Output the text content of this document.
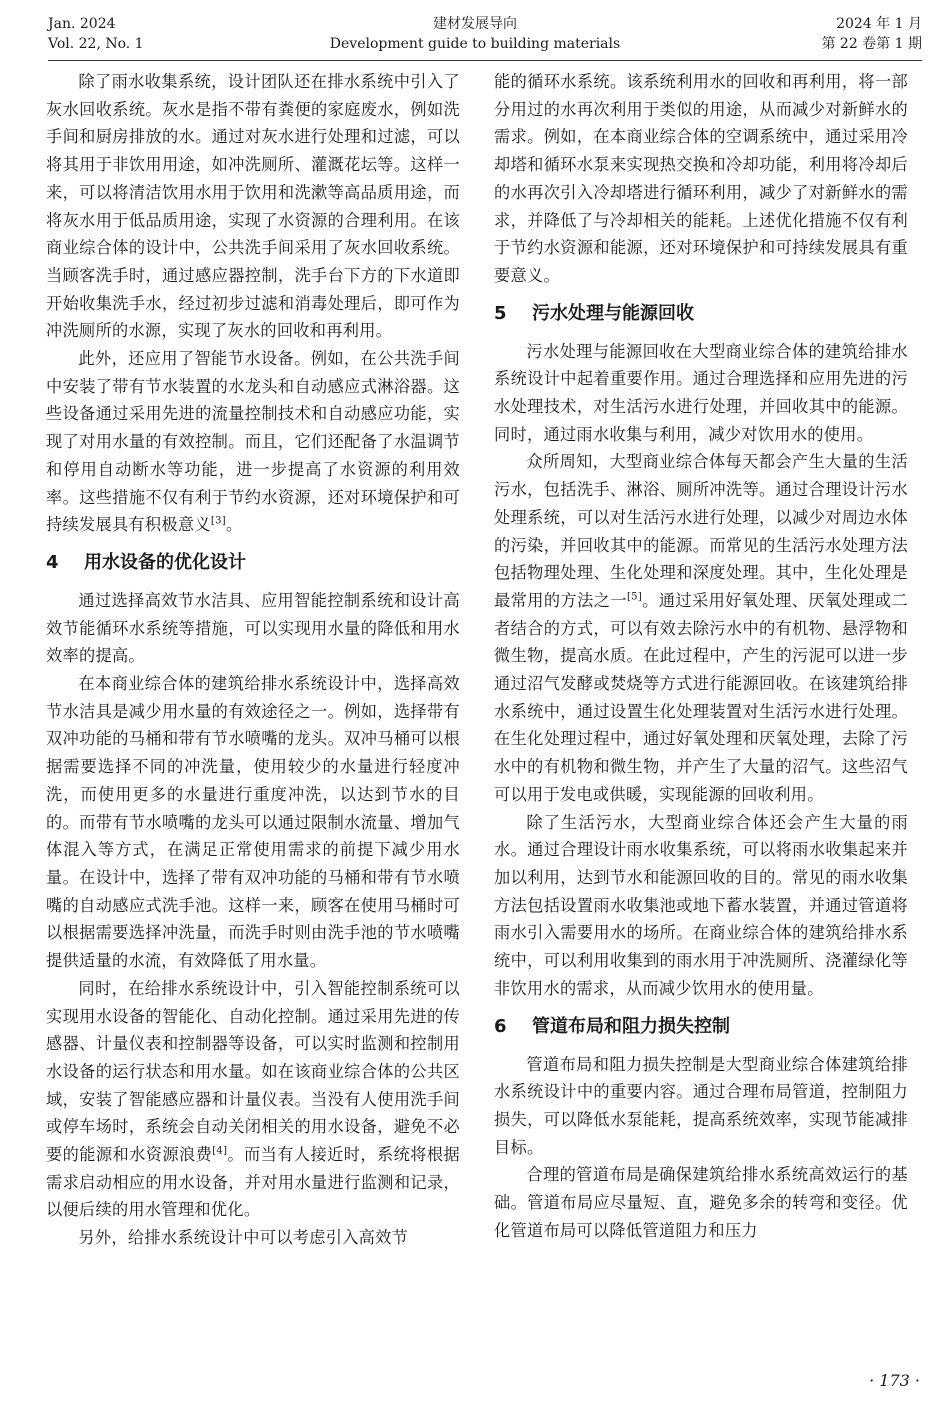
Jan. 2024
Vol. 22, No. 1
建材发展导向
Development guide to building materials
2024 年 1 月
第 22 卷第 1 期

除了雨水收集系统，设计团队还在排水系统中引入了灰水回收系统。灰水是指不带有粪便的家庭废水，例如洗手间和厨房排放的水。通过对灰水进行处理和过滤，可以将其用于非饮用用途，如冲洗厕所、灌溉花坛等。这样一来，可以将清洁饮用水用于饮用和洗漱等高品质用途，而将灰水用于低品质用途，实现了水资源的合理利用。在该商业综合体的设计中，公共洗手间采用了灰水回收系统。当顾客洗手时，通过感应器控制，洗手台下方的下水道即开始收集洗手水，经过初步过滤和消毒处理后，即可作为冲洗厕所的水源，实现了灰水的回收和再利用。

此外，还应用了智能节水设备。例如，在公共洗手间中安装了带有节水装置的水龙头和自动感应式淋浴器。这些设备通过采用先进的流量控制技术和自动感应功能，实现了对用水量的有效控制。而且，它们还配备了水温调节和停用自动断水等功能，进一步提高了水资源的利用效率。这些措施不仅有利于节约水资源，还对环境保护和可持续发展具有积极意义[3]。

4 用水设备的优化设计

通过选择高效节水洁具、应用智能控制系统和设计高效节能循环水系统等措施，可以实现用水量的降低和用水效率的提高。

在本商业综合体的建筑给排水系统设计中，选择高效节水洁具是减少用水量的有效途径之一。例如，选择带有双冲功能的马桶和带有节水喷嘴的龙头。双冲马桶可以根据需要选择不同的冲洗量，使用较少的水量进行轻度冲洗，而使用更多的水量进行重度冲洗，以达到节水的目的。而带有节水喷嘴的龙头可以通过限制水流量、增加气体混入等方式，在满足正常使用需求的前提下减少用水量。在设计中，选择了带有双冲功能的马桶和带有节水喷嘴的自动感应式洗手池。这样一来，顾客在使用马桶时可以根据需要选择冲洗量，而洗手时则由洗手池的节水喷嘴提供适量的水流，有效降低了用水量。

同时，在给排水系统设计中，引入智能控制系统可以实现用水设备的智能化、自动化控制。通过采用先进的传感器、计量仪表和控制器等设备，可以实时监测和控制用水设备的运行状态和用水量。如在该商业综合体的公共区域，安装了智能感应器和计量仪表。当没有人使用洗手间或停车场时，系统会自动关闭相关的用水设备，避免不必要的能源和水资源浪费[4]。而当有人接近时，系统将根据需求启动相应的用水设备，并对用水量进行监测和记录，以便后续的用水管理和优化。

另外，给排水系统设计中可以考虑引入高效节

能的循环水系统。该系统利用水的回收和再利用，将一部分用过的水再次利用于类似的用途，从而减少对新鲜水的需求。例如，在本商业综合体的空调系统中，通过采用冷却塔和循环水泵来实现热交换和冷却功能，利用将冷却后的水再次引入冷却塔进行循环利用，减少了对新鲜水的需求，并降低了与冷却相关的能耗。上述优化措施不仅有利于节约水资源和能源，还对环境保护和可持续发展具有重要意义。

5 污水处理与能源回收

污水处理与能源回收在大型商业综合体的建筑给排水系统设计中起着重要作用。通过合理选择和应用先进的污水处理技术，对生活污水进行处理，并回收其中的能源。同时，通过雨水收集与利用，减少对饮用水的使用。

众所周知，大型商业综合体每天都会产生大量的生活污水，包括洗手、淋浴、厕所冲洗等。通过合理设计污水处理系统，可以对生活污水进行处理，以减少对周边水体的污染，并回收其中的能源。而常见的生活污水处理方法包括物理处理、生化处理和深度处理。其中，生化处理是最常用的方法之一[5]。通过采用好氧处理、厌氧处理或二者结合的方式，可以有效去除污水中的有机物、悬浮物和微生物，提高水质。在此过程中，产生的污泥可以进一步通过沼气发酵或焚烧等方式进行能源回收。在该建筑给排水系统中，通过设置生化处理装置对生活污水进行处理。在生化处理过程中，通过好氧处理和厌氧处理，去除了污水中的有机物和微生物，并产生了大量的沼气。这些沼气可以用于发电或供暖，实现能源的回收利用。

除了生活污水，大型商业综合体还会产生大量的雨水。通过合理设计雨水收集系统，可以将雨水收集起来并加以利用，达到节水和能源回收的目的。常见的雨水收集方法包括设置雨水收集池或地下蓄水装置，并通过管道将雨水引入需要用水的场所。在商业综合体的建筑给排水系统中，可以利用收集到的雨水用于冲洗厕所、浇灌绿化等非饮用水的需求，从而减少饮用水的使用量。

6 管道布局和阻力损失控制

管道布局和阻力损失控制是大型商业综合体建筑给排水系统设计中的重要内容。通过合理布局管道，控制阻力损失，可以降低水泵能耗，提高系统效率，实现节能减排目标。

合理的管道布局是确保建筑给排水系统高效运行的基础。管道布局应尽量短、直，避免多余的转弯和变径。优化管道布局可以降低管道阻力和压力

· 173 ·
